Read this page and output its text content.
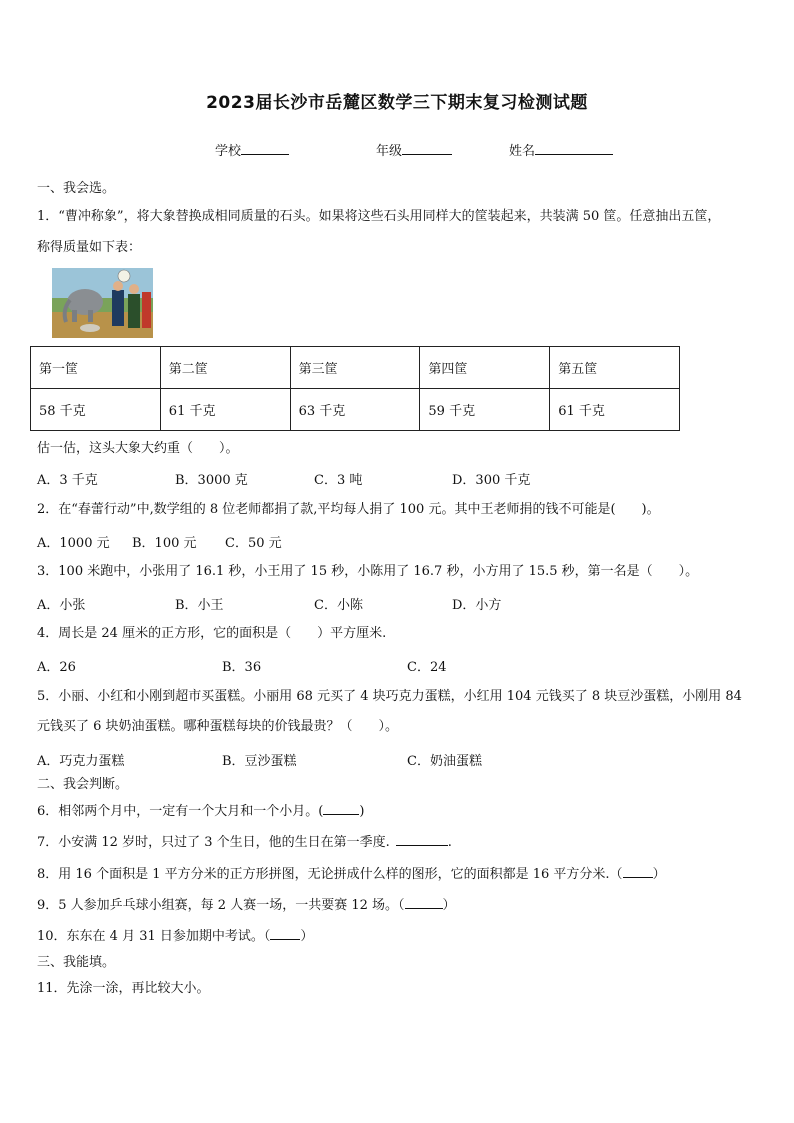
2023届长沙市岳麓区数学三下期末复习检测试题
学校	年级	姓名
一、我会选。
1．“曹冲称象”，将大象替换成相同质量的石头。如果将这些石头用同样大的筐装起来，共装满 50 筐。任意抽出五筐，
称得质量如下表：
第一筐	第二筐	第三筐	第四筐	第五筐
58 千克	61 千克	63 千克	59 千克	61 千克
估一估，这头大象大约重（　　）。
A．3 千克	B．3000 克	C．3 吨	D．300 千克
2．在“春蕾行动”中,数学组的 8 位老师都捐了款,平均每人捐了 100 元。其中王老师捐的钱不可能是(　　)。
A．1000 元 B．100 元 C．50 元
3．100 米跑中，小张用了 16.1 秒，小王用了 15 秒，小陈用了 16.7 秒，小方用了 15.5 秒，第一名是（　　）。
A．小张	B．小王	C．小陈	D．小方
4．周长是 24 厘米的正方形，它的面积是（　　）平方厘米.
A．26	B．36	C．24
5．小丽、小红和小刚到超市买蛋糕。小丽用 68 元买了 4 块巧克力蛋糕，小红用 104 元钱买了 8 块豆沙蛋糕，小刚用 84
元钱买了 6 块奶油蛋糕。哪种蛋糕每块的价钱最贵？（　　）。
A．巧克力蛋糕	B．豆沙蛋糕	C．奶油蛋糕
二、我会判断。
6．相邻两个月中，一定有一个大月和一个小月。(	)
7．小安满 12 岁时，只过了 3 个生日，他的生日在第一季度.	.
8．用 16 个面积是 1 平方分米的正方形拼图，无论拼成什么样的图形，它的面积都是 16 平方分米.（ ）
9．5 人参加乒乓球小组赛，每 2 人赛一场，一共要赛 12 场。（	）
10．东东在 4 月 31 日参加期中考试。（ ）
三、我能填。
11．先涂一涂，再比较大小。
